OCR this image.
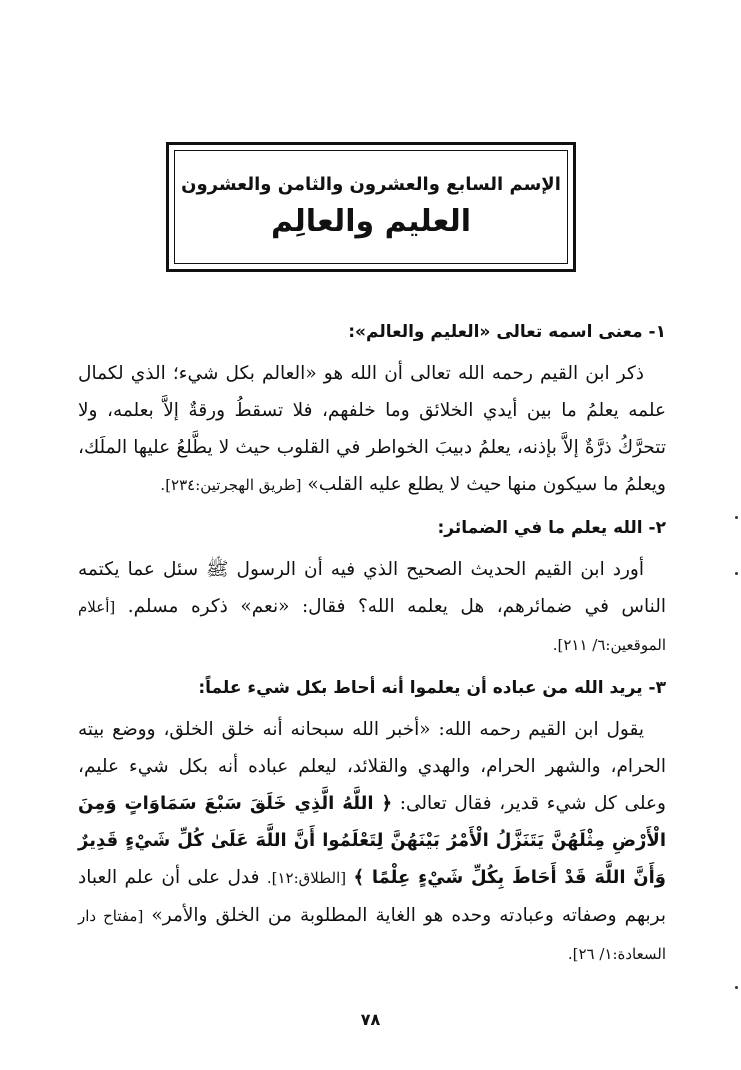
الإسم السابع والعشرون والثامن والعشرون
العليم والعالِم
١- معنى اسمه تعالى «العليم والعالم»:

ذكر ابن القيم رحمه الله تعالى أن الله هو «العالم بكل شيء؛ الذي لكمال علمه يعلمُ ما بين أيدي الخلائق وما خلفهم، فلا تسقطُ ورقةٌ إلاَّ بعلمه، ولا تتحرَّكُ ذرَّةٌ إلاَّ بإذنه، يعلمُ دبيبَ الخواطر في القلوب حيث لا يطَّلعُ عليها الملَك، ويعلمُ ما سيكون منها حيث لا يطلع عليه القلب» [طريق الهجرتين:٢٣٤].

٢- الله يعلم ما في الضمائر:

أورد ابن القيم الحديث الصحيح الذي فيه أن الرسول ﷺ سئل عما يكتمه الناس في ضمائرهم، هل يعلمه الله؟ فقال: «نعم» ذكره مسلم. [أعلام الموقعين:٦/ ٢١١].

٣- يريد الله من عباده أن يعلموا أنه أحاط بكل شيء علماً:

يقول ابن القيم رحمه الله: «أخبر الله سبحانه أنه خلق الخلق، ووضع بيته الحرام، والشهر الحرام، والهدي والقلائد، ليعلم عباده أنه بكل شيء عليم، وعلى كل شيء قدير، فقال تعالى: ﴿ اللَّهُ الَّذِي خَلَقَ سَبْعَ سَمَاوَاتٍ وَمِنَ الْأَرْضِ مِثْلَهُنَّ يَتَنَزَّلُ الْأَمْرُ بَيْنَهُنَّ لِتَعْلَمُوا أَنَّ اللَّهَ عَلَىٰ كُلِّ شَيْءٍ قَدِيرٌ وَأَنَّ اللَّهَ قَدْ أَحَاطَ بِكُلِّ شَيْءٍ عِلْمًا ﴾ [الطلاق:١٢]. فدل على أن علم العباد بربهم وصفاته وعبادته وحده هو الغاية المطلوبة من الخلق والأمر» [مفتاح دار السعادة:١/ ٢٦].

٧٨
